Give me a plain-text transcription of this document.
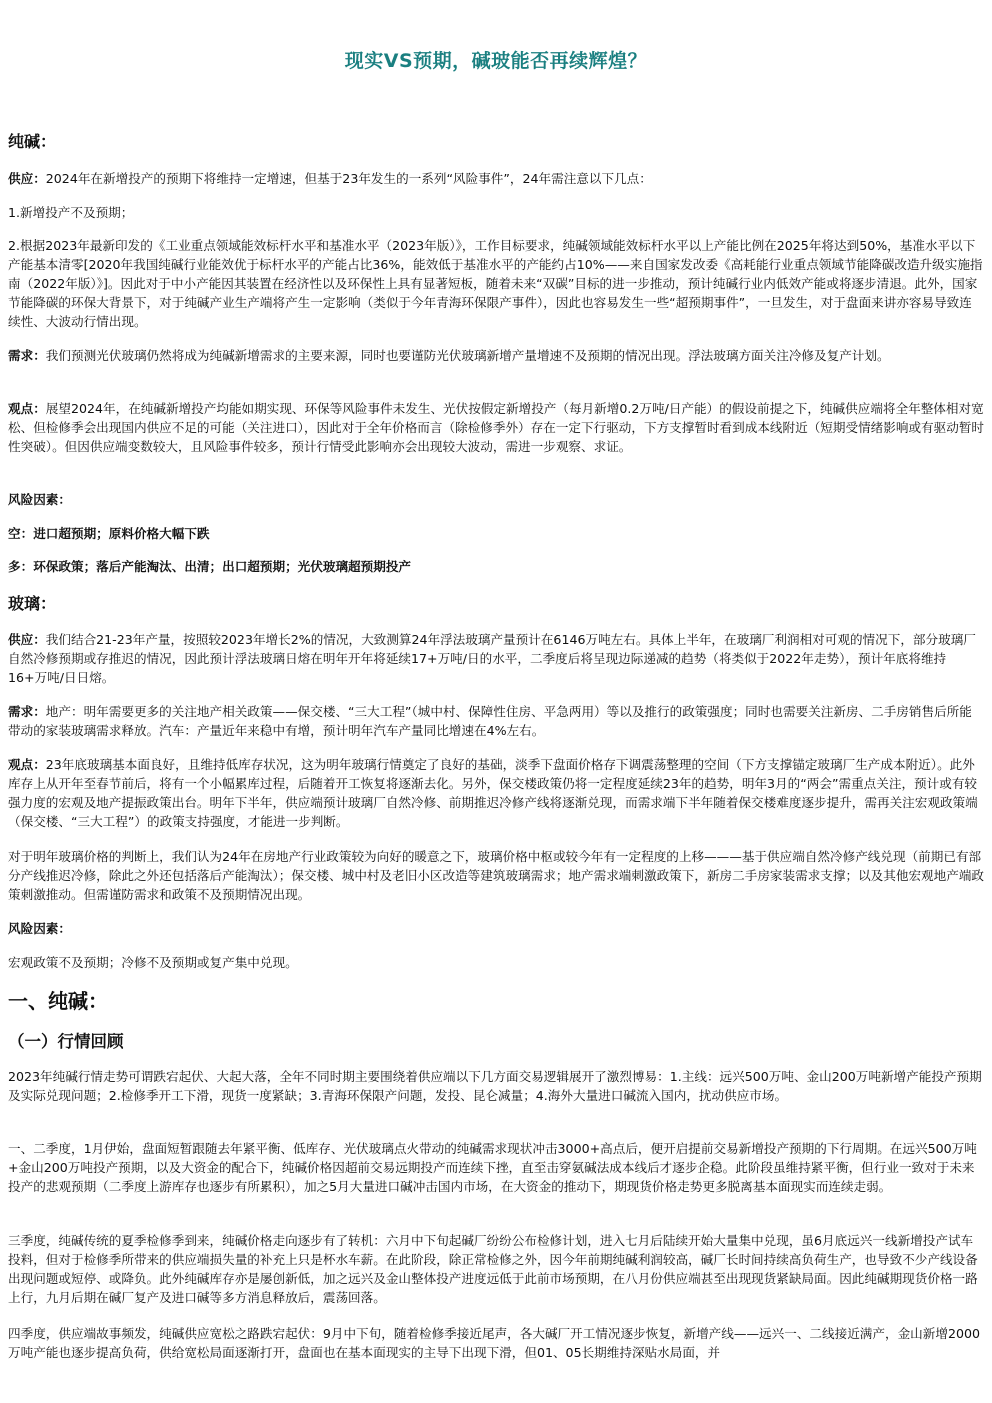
现实VS预期，碱玻能否再续辉煌？
纯碱：

供应：2024年在新增投产的预期下将维持一定增速，但基于23年发生的一系列“风险事件”，24年需注意以下几点：

1.新增投产不及预期；

2.根据2023年最新印发的《工业重点领域能效标杆水平和基准水平（2023年版）》，工作目标要求，纯碱领域能效标杆水平以上产能比例在2025年将达到50%，基准水平以下产能基本清零[2020年我国纯碱行业能效优于标杆水平的产能占比36%，能效低于基准水平的产能约占10%——来自国家发改委《高耗能行业重点领域节能降碳改造升级实施指南（2022年版）》]。因此对于中小产能因其装置在经济性以及环保性上具有显著短板，随着未来“双碳”目标的进一步推动，预计纯碱行业内低效产能或将逐步清退。此外，国家节能降碳的环保大背景下，对于纯碱产业生产端将产生一定影响（类似于今年青海环保限产事件），因此也容易发生一些“超预期事件”，一旦发生，对于盘面来讲亦容易导致连续性、大波动行情出现。

需求：我们预测光伏玻璃仍然将成为纯碱新增需求的主要来源，同时也要谨防光伏玻璃新增产量增速不及预期的情况出现。浮法玻璃方面关注冷修及复产计划。

观点：展望2024年，在纯碱新增投产均能如期实现、环保等风险事件未发生、光伏按假定新增投产（每月新增0.2万吨/日产能）的假设前提之下，纯碱供应端将全年整体相对宽松、但检修季会出现国内供应不足的可能（关注进口），因此对于全年价格而言（除检修季外）存在一定下行驱动，下方支撑暂时看到成本线附近（短期受情绪影响或有驱动暂时性突破）。但因供应端变数较大，且风险事件较多，预计行情受此影响亦会出现较大波动，需进一步观察、求证。

风险因素：

空：进口超预期；原料价格大幅下跌

多：环保政策；落后产能淘汰、出清；出口超预期；光伏玻璃超预期投产

玻璃：

供应：我们结合21-23年产量，按照较2023年增长2%的情况，大致测算24年浮法玻璃产量预计在6146万吨左右。具体上半年，在玻璃厂利润相对可观的情况下，部分玻璃厂自然冷修预期或存推迟的情况，因此预计浮法玻璃日熔在明年开年将延续17+万吨/日的水平，二季度后将呈现边际递减的趋势（将类似于2022年走势），预计年底将维持16+万吨/日日熔。

需求：地产：明年需要更多的关注地产相关政策——保交楼、“三大工程”（城中村、保障性住房、平急两用）等以及推行的政策强度；同时也需要关注新房、二手房销售后所能带动的家装玻璃需求释放。汽车：产量近年来稳中有增，预计明年汽车产量同比增速在4%左右。

观点：23年底玻璃基本面良好，且维持低库存状况，这为明年玻璃行情奠定了良好的基础，淡季下盘面价格存下调震荡整理的空间（下方支撑锚定玻璃厂生产成本附近）。此外库存上从开年至春节前后，将有一个小幅累库过程，后随着开工恢复将逐渐去化。另外，保交楼政策仍将一定程度延续23年的趋势，明年3月的“两会”需重点关注，预计或有较强力度的宏观及地产提振政策出台。明年下半年，供应端预计玻璃厂自然冷修、前期推迟冷修产线将逐渐兑现，而需求端下半年随着保交楼难度逐步提升，需再关注宏观政策端（保交楼、“三大工程”）的政策支持强度，才能进一步判断。

对于明年玻璃价格的判断上，我们认为24年在房地产行业政策较为向好的暖意之下，玻璃价格中枢或较今年有一定程度的上移———基于供应端自然冷修产线兑现（前期已有部分产线推迟冷修，除此之外还包括落后产能淘汰）；保交楼、城中村及老旧小区改造等建筑玻璃需求；地产需求端刺激政策下，新房二手房家装需求支撑；以及其他宏观地产端政策刺激推动。但需谨防需求和政策不及预期情况出现。

风险因素：

宏观政策不及预期；冷修不及预期或复产集中兑现。

一、纯碱：
（一）行情回顾

2023年纯碱行情走势可谓跌宕起伏、大起大落，全年不同时期主要围绕着供应端以下几方面交易逻辑展开了激烈博易：1.主线：远兴500万吨、金山200万吨新增产能投产预期及实际兑现问题；2.检修季开工下滑，现货一度紧缺；3.青海环保限产问题，发投、昆仑减量；4.海外大量进口碱流入国内，扰动供应市场。

一、二季度，1月伊始，盘面短暂跟随去年紧平衡、低库存、光伏玻璃点火带动的纯碱需求现状冲击3000+高点后，便开启提前交易新增投产预期的下行周期。在远兴500万吨+金山200万吨投产预期，以及大资金的配合下，纯碱价格因超前交易远期投产而连续下挫，直至击穿氨碱法成本线后才逐步企稳。此阶段虽维持紧平衡，但行业一致对于未来投产的悲观预期（二季度上游库存也逐步有所累积），加之5月大量进口碱冲击国内市场，在大资金的推动下，期现货价格走势更多脱离基本面现实而连续走弱。

三季度，纯碱传统的夏季检修季到来，纯碱价格走向逐步有了转机：六月中下旬起碱厂纷纷公布检修计划，进入七月后陆续开始大量集中兑现，虽6月底远兴一线新增投产试车投料，但对于检修季所带来的供应端损失量的补充上只是杯水车薪。在此阶段，除正常检修之外，因今年前期纯碱利润较高，碱厂长时间持续高负荷生产，也导致不少产线设备出现问题或短停、或降负。此外纯碱库存亦是屡创新低，加之远兴及金山整体投产进度远低于此前市场预期，在八月份供应端甚至出现现货紧缺局面。因此纯碱期现货价格一路上行，九月后期在碱厂复产及进口碱等多方消息释放后，震荡回落。

四季度，供应端故事频发，纯碱供应宽松之路跌宕起伏：9月中下旬，随着检修季接近尾声，各大碱厂开工情况逐步恢复，新增产线——远兴一、二线接近满产，金山新增2000万吨产能也逐步提高负荷，供给宽松局面逐渐打开，盘面也在基本面现实的主导下出现下滑，但01、05长期维持深贴水局面，并
